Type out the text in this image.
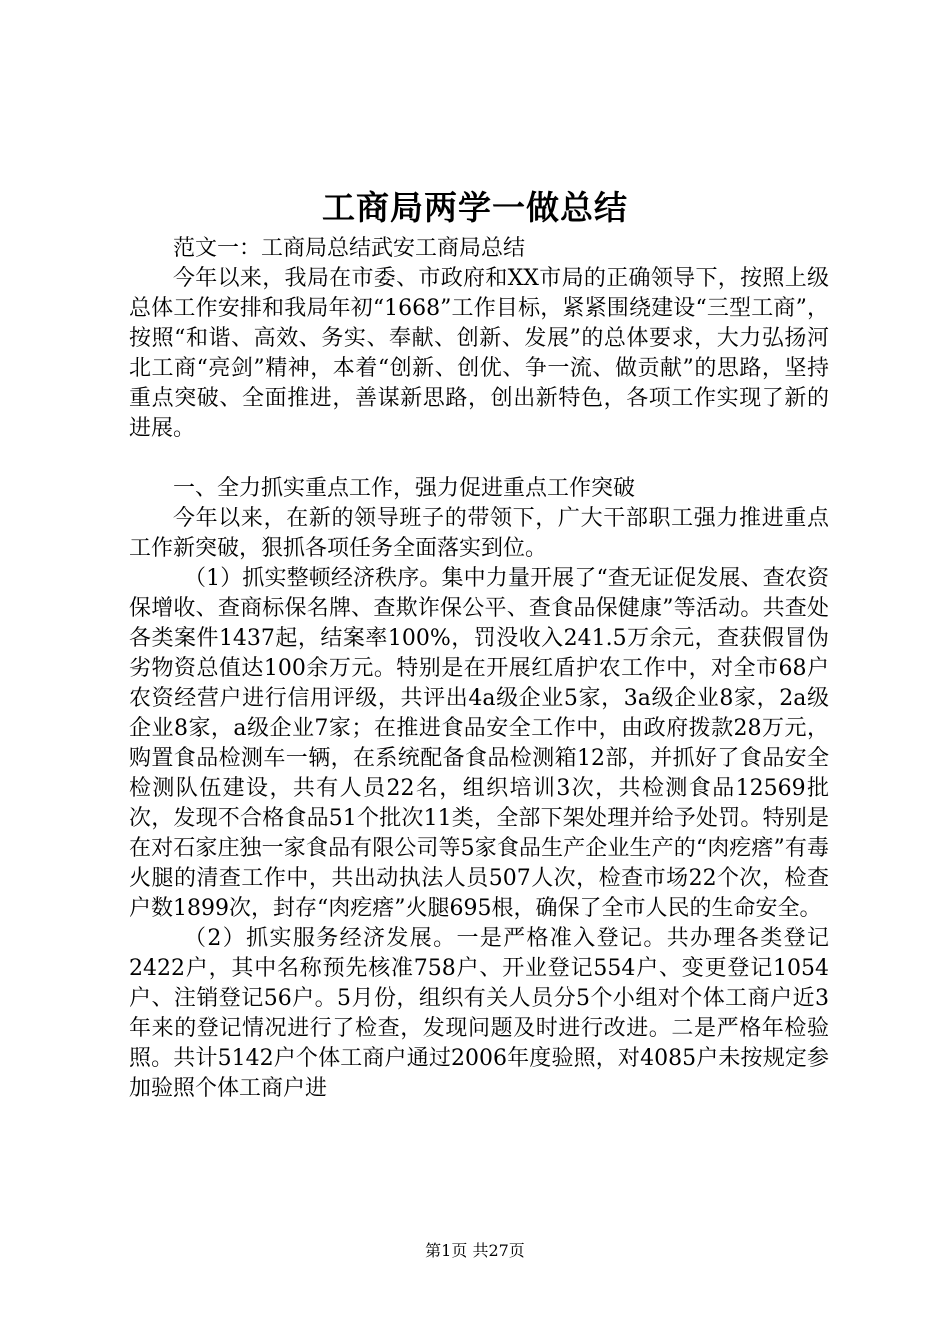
工商局两学一做总结

范文一：工商局总结武安工商局总结

今年以来，我局在市委、市政府和XX市局的正确领导下，按照上级总体工作安排和我局年初“1668”工作目标，紧紧围绕建设“三型工商”，按照“和谐、高效、务实、奉献、创新、发展”的总体要求，大力弘扬河北工商“亮剑”精神，本着“创新、创优、争一流、做贡献”的思路，坚持重点突破、全面推进，善谋新思路，创出新特色，各项工作实现了新的进展。

一、全力抓实重点工作，强力促进重点工作突破

今年以来，在新的领导班子的带领下，广大干部职工强力推进重点工作新突破，狠抓各项任务全面落实到位。

（1）抓实整顿经济秩序。集中力量开展了“查无证促发展、查农资保增收、查商标保名牌、查欺诈保公平、查食品保健康”等活动。共查处各类案件1437起，结案率100%，罚没收入241.5万余元，查获假冒伪劣物资总值达100余万元。特别是在开展红盾护农工作中，对全市68户农资经营户进行信用评级，共评出4a级企业5家，3a级企业8家，2a级企业8家，a级企业7家；在推进食品安全工作中，由政府拨款28万元，购置食品检测车一辆，在系统配备食品检测箱12部，并抓好了食品安全检测队伍建设，共有人员22名，组织培训3次，共检测食品12569批次，发现不合格食品51个批次11类，全部下架处理并给予处罚。特别是在对石家庄独一家食品有限公司等5家食品生产企业生产的“肉疙瘩”有毒火腿的清查工作中，共出动执法人员507人次，检查市场22个次，检查户数1899次，封存“肉疙瘩”火腿695根，确保了全市人民的生命安全。

（2）抓实服务经济发展。一是严格准入登记。共办理各类登记2422户，其中名称预先核准758户、开业登记554户、变更登记1054户、注销登记56户。5月份，组织有关人员分5个小组对个体工商户近3年来的登记情况进行了检查，发现问题及时进行改进。二是严格年检验照。共计5142户个体工商户通过2006年度验照，对4085户未按规定参加验照个体工商户进

第1页 共27页
